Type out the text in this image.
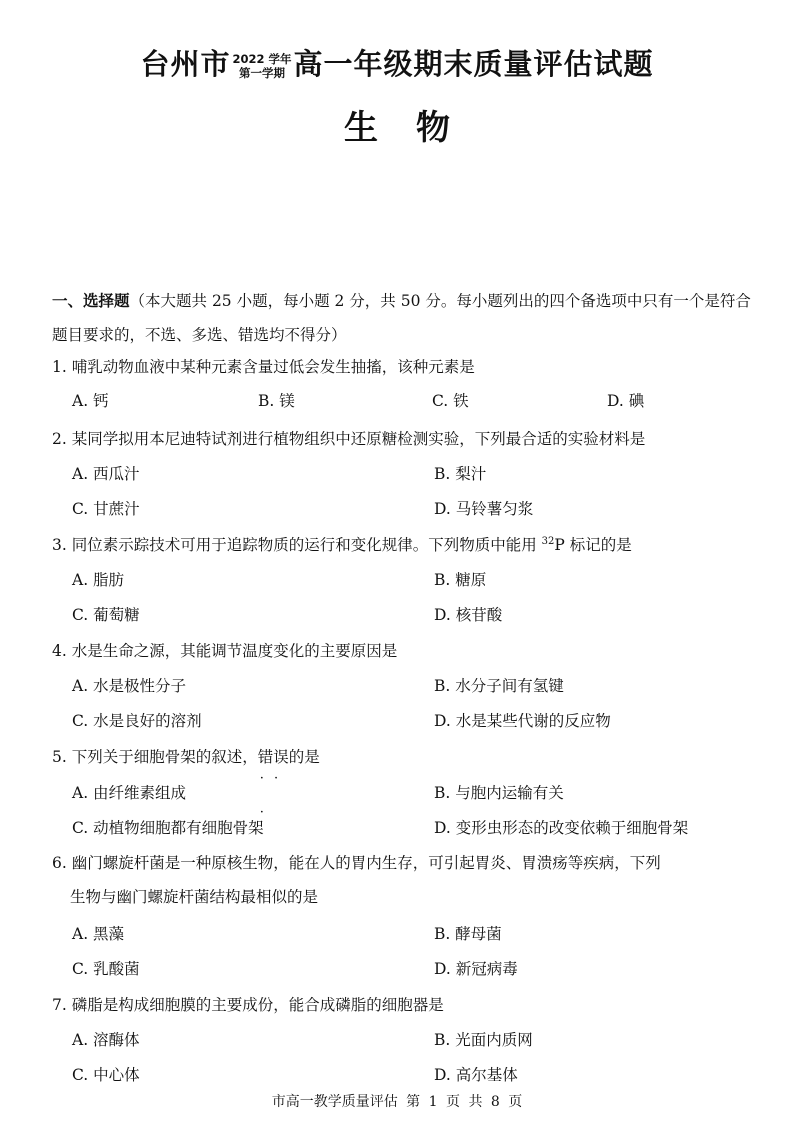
台州市 2022 学年
第一学期 高一年级期末质量评估试题
生物

一、选择题（本大题共 25 小题，每小题 2 分，共 50 分。每小题列出的四个备选项中只有一个是符合题目要求的，不选、多选、错选均不得分）

1. 哺乳动物血液中某种元素含量过低会发生抽搐，该种元素是
A. 钙	B. 镁	C. 铁	D. 碘
2. 某同学拟用本尼迪特试剂进行植物组织中还原糖检测实验，下列最合适的实验材料是
A. 西瓜汁	B. 梨汁
C. 甘蔗汁	D. 马铃薯匀浆
3. 同位素示踪技术可用于追踪物质的运行和变化规律。下列物质中能用 $^{32}$P 标记的是
A. 脂肪	B. 糖原
C. 葡萄糖	D. 核苷酸
4. 水是生命之源，其能调节温度变化的主要原因是
A. 水是极性分子	B. 水分子间有氢键
C. 水是良好的溶剂	D. 水是某些代谢的反应物
5. 下列关于细胞骨架的叙述，错误 · · ·的是
A. 由纤维素组成	B. 与胞内运输有关
C. 动植物细胞都有细胞骨架	D. 变形虫形态的改变依赖于细胞骨架
6. 幽门螺旋杆菌是一种原核生物，能在人的胃内生存，可引起胃炎、胃溃疡等疾病，下列
生物与幽门螺旋杆菌结构最相似的是
A. 黑藻	B. 酵母菌
C. 乳酸菌	D. 新冠病毒
7. 磷脂是构成细胞膜的主要成份，能合成磷脂的细胞器是
A. 溶酶体	B. 光面内质网
C. 中心体	D. 高尔基体
市高一教学质量评估 第 1 页 共 8 页
